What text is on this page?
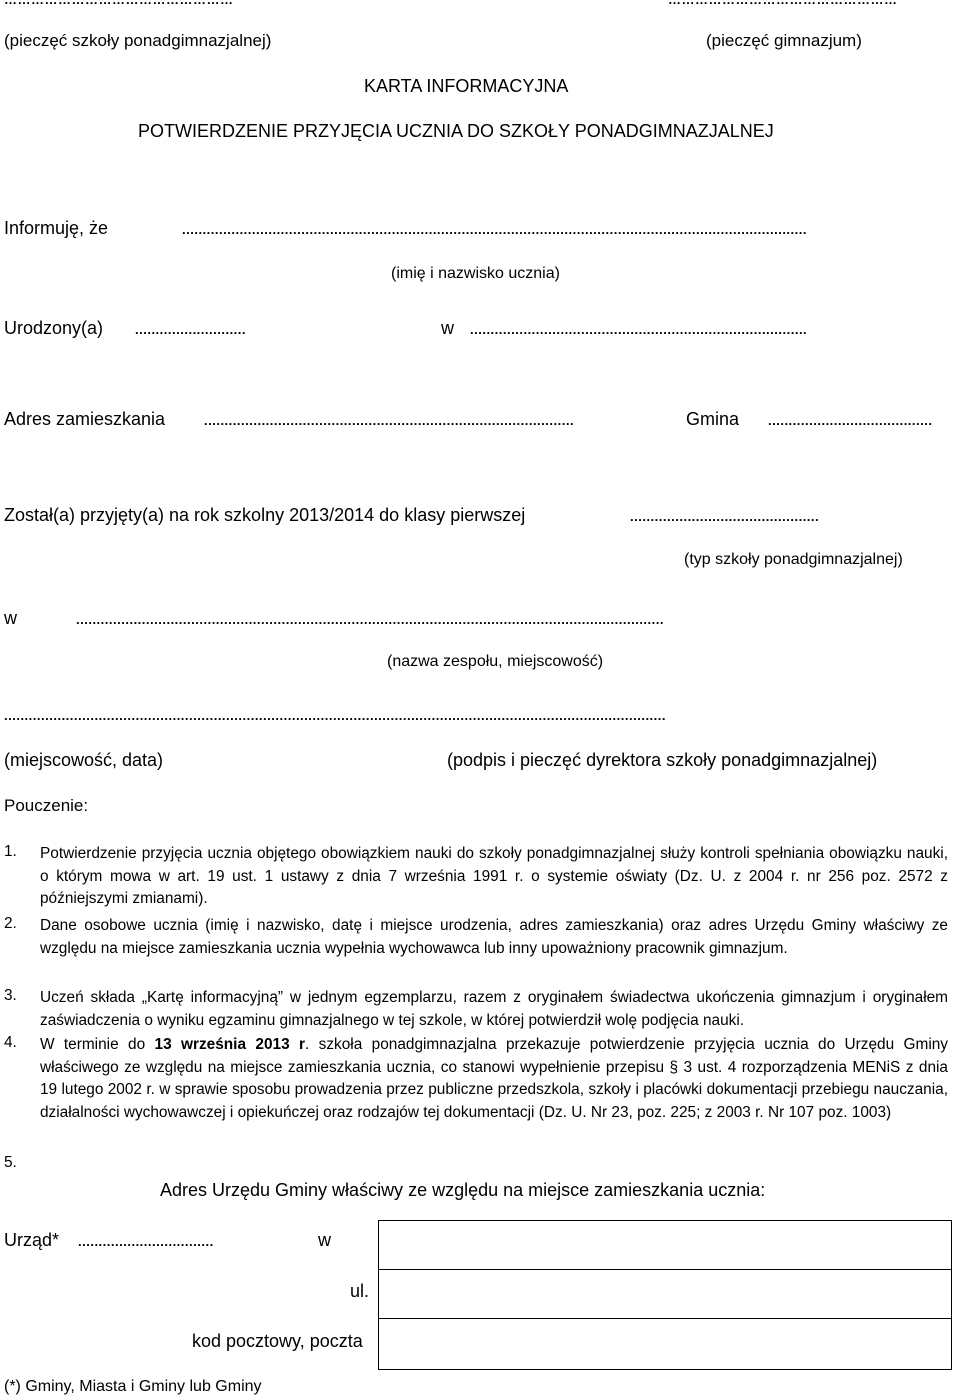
(pieczęć szkoły ponadgimnazjalnej)	(pieczęć gimnazjum)
KARTA INFORMACYJNA
POTWIERDZENIE PRZYJĘCIA UCZNIA DO SZKOŁY PONADGIMNAZJALNEJ
Informuję, że	........................................................................................................................................................
(imię i nazwisko ucznia)
Urodzony(a) ...........................	w ..................................................................................
Adres zamieszkania	..........................................................................................	Gmina ........................................
Został(a) przyjęty(a) na rok szkolny 2013/2014 do klasy pierwszej	..............................................
(typ szkoły ponadgimnazjalnej)
w	...............................................................................................................................................
(nazwa zespołu, miejscowość)
.................................................................................................................................................................
(miejscowość, data)	(podpis i pieczęć dyrektora szkoły ponadgimnazjalnej)
Pouczenie:
1. Potwierdzenie przyjęcia ucznia objętego obowiązkiem nauki do szkoły ponadgimnazjalnej służy kontroli spełniania obowiązku nauki, o którym mowa w art. 19 ust. 1 ustawy z dnia 7 września 1991 r. o systemie oświaty (Dz. U. z 2004 r. nr 256 poz. 2572 z późniejszymi zmianami).
2. Dane osobowe ucznia (imię i nazwisko, datę i miejsce urodzenia, adres zamieszkania) oraz adres Urzędu Gminy właściwy ze względu na miejsce zamieszkania ucznia wypełnia wychowawca lub inny upoważniony pracownik gimnazjum.
3. Uczeń składa „Kartę informacyjną” w jednym egzemplarzu, razem z oryginałem świadectwa ukończenia gimnazjum i oryginałem zaświadczenia o wyniku egzaminu gimnazjalnego w tej szkole, w której potwierdził wolę podjęcia nauki.
4. W terminie do 13 września 2013 r. szkoła ponadgimnazjalna przekazuje potwierdzenie przyjęcia ucznia do Urzędu Gminy właściwego ze względu na miejsce zamieszkania ucznia, co stanowi wypełnienie przepisu § 3 ust. 4 rozporządzenia MENiS z dnia 19 lutego 2002 r. w sprawie sposobu prowadzenia przez publiczne przedszkola, szkoły i placówki dokumentacji przebiegu nauczania, działalności wychowawczej i opiekuńczej oraz rodzajów tej dokumentacji (Dz. U. Nr 23, poz. 225; z 2003 r. Nr 107 poz. 1003)
5.
Adres Urzędu Gminy właściwy ze względu na miejsce zamieszkania ucznia:
Urząd* .................................	w
ul.
kod pocztowy, poczta
(*) Gminy, Miasta i Gminy lub Gminy
